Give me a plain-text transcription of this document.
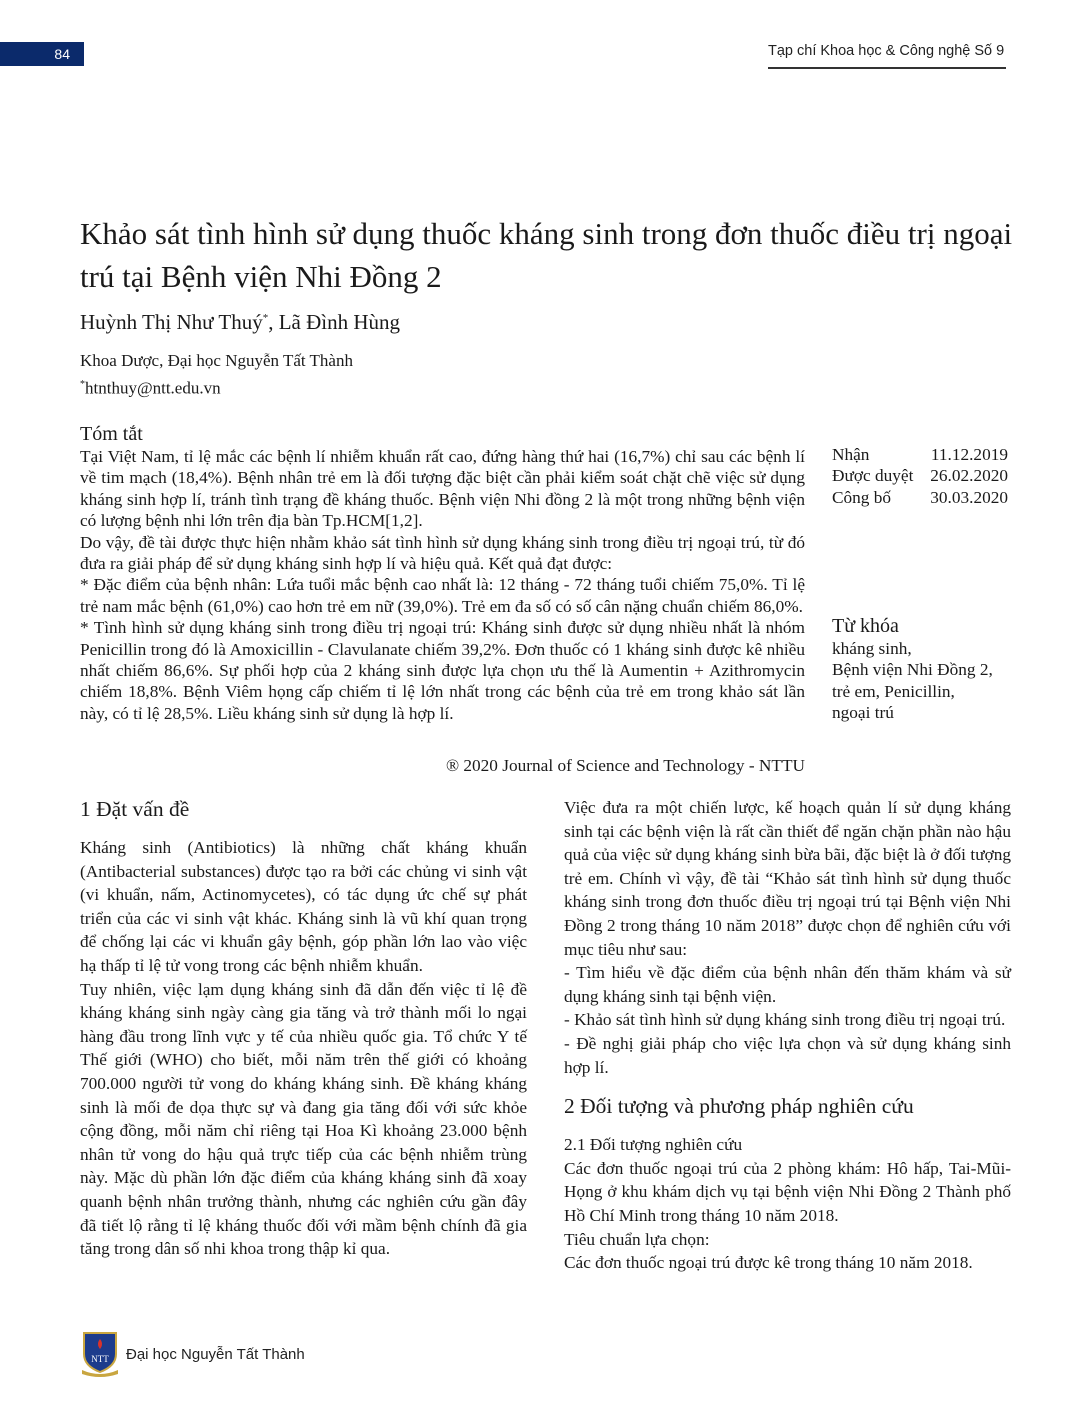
84	Tạp chí Khoa học & Công nghệ Số 9
Khảo sát tình hình sử dụng thuốc kháng sinh trong đơn thuốc điều trị ngoại trú tại Bệnh viện Nhi Đồng 2
Huỳnh Thị Như Thuý*, Lã Đình Hùng
Khoa Dược, Đại học Nguyễn Tất Thành
*htnthuy@ntt.edu.vn
Tóm tắt

Tại Việt Nam, tỉ lệ mắc các bệnh lí nhiễm khuẩn rất cao, đứng hàng thứ hai (16,7%) chỉ sau các bệnh lí về tim mạch (18,4%). Bệnh nhân trẻ em là đối tượng đặc biệt cần phải kiểm soát chặt chẽ việc sử dụng kháng sinh hợp lí, tránh tình trạng đề kháng thuốc. Bệnh viện Nhi đồng 2 là một trong những bệnh viện có lượng bệnh nhi lớn trên địa bàn Tp.HCM[1,2].

Do vậy, đề tài được thực hiện nhằm khảo sát tình hình sử dụng kháng sinh trong điều trị ngoại trú, từ đó đưa ra giải pháp để sử dụng kháng sinh hợp lí và hiệu quả. Kết quả đạt được:

* Đặc điểm của bệnh nhân: Lứa tuổi mắc bệnh cao nhất là: 12 tháng - 72 tháng tuổi chiếm 75,0%. Tỉ lệ trẻ nam mắc bệnh (61,0%) cao hơn trẻ em nữ (39,0%). Trẻ em đa số có số cân nặng chuẩn chiếm 86,0%.

* Tình hình sử dụng kháng sinh trong điều trị ngoại trú: Kháng sinh được sử dụng nhiều nhất là nhóm Penicillin trong đó là Amoxicillin - Clavulanate chiếm 39,2%. Đơn thuốc có 1 kháng sinh được kê nhiều nhất chiếm 86,6%. Sự phối hợp của 2 kháng sinh được lựa chọn ưu thế là Aumentin + Azithromycin chiếm 18,8%. Bệnh Viêm họng cấp chiếm tỉ lệ lớn nhất trong các bệnh của trẻ em trong khảo sát lần này, có tỉ lệ 28,5%. Liều kháng sinh sử dụng là hợp lí.

® 2020 Journal of Science and Technology - NTTU
Nhận	11.12.2019
Được duyệt 26.02.2020
Công bố 30.03.2020
Từ khóa
kháng sinh,
Bệnh viện Nhi Đồng 2,
trẻ em, Penicillin,
ngoại trú
1 Đặt vấn đề

Kháng sinh (Antibiotics) là những chất kháng khuẩn (Antibacterial substances) được tạo ra bởi các chủng vi sinh vật (vi khuẩn, nấm, Actinomycetes), có tác dụng ức chế sự phát triển của các vi sinh vật khác. Kháng sinh là vũ khí quan trọng để chống lại các vi khuẩn gây bệnh, góp phần lớn lao vào việc hạ thấp tỉ lệ tử vong trong các bệnh nhiễm khuẩn.

Tuy nhiên, việc lạm dụng kháng sinh đã dẫn đến việc tỉ lệ đề kháng kháng sinh ngày càng gia tăng và trở thành mối lo ngại hàng đầu trong lĩnh vực y tế của nhiều quốc gia. Tổ chức Y tế Thế giới (WHO) cho biết, mỗi năm trên thế giới có khoảng 700.000 người tử vong do kháng kháng sinh. Đề kháng kháng sinh là mối đe dọa thực sự và đang gia tăng đối với sức khỏe cộng đồng, mỗi năm chỉ riêng tại Hoa Kì khoảng 23.000 bệnh nhân tử vong do hậu quả trực tiếp của các bệnh nhiễm trùng này. Mặc dù phần lớn đặc điểm của kháng kháng sinh đã xoay quanh bệnh nhân trưởng thành, nhưng các nghiên cứu gần đây đã tiết lộ rằng tỉ lệ kháng thuốc đối với mầm bệnh chính đã gia tăng trong dân số nhi khoa trong thập kỉ qua.

Việc đưa ra một chiến lược, kế hoạch quản lí sử dụng kháng sinh tại các bệnh viện là rất cần thiết để ngăn chặn phần nào hậu quả của việc sử dụng kháng sinh bừa bãi, đặc biệt là ở đối tượng trẻ em. Chính vì vậy, đề tài “Khảo sát tình hình sử dụng thuốc kháng sinh trong đơn thuốc điều trị ngoại trú tại Bệnh viện Nhi Đồng 2 trong tháng 10 năm 2018” được chọn để nghiên cứu với mục tiêu như sau:

- Tìm hiểu về đặc điểm của bệnh nhân đến thăm khám và sử dụng kháng sinh tại bệnh viện.

- Khảo sát tình hình sử dụng kháng sinh trong điều trị ngoại trú.

- Đề nghị giải pháp cho việc lựa chọn và sử dụng kháng sinh hợp lí.

2 Đối tượng và phương pháp nghiên cứu
2.1 Đối tượng nghiên cứu

Các đơn thuốc ngoại trú của 2 phòng khám: Hô hấp, Tai-Mũi-Họng ở khu khám dịch vụ tại bệnh viện Nhi Đồng 2 Thành phố Hồ Chí Minh trong tháng 10 năm 2018.

Tiêu chuẩn lựa chọn:

Các đơn thuốc ngoại trú được kê trong tháng 10 năm 2018.

NTT Đại học Nguyễn Tất Thành
